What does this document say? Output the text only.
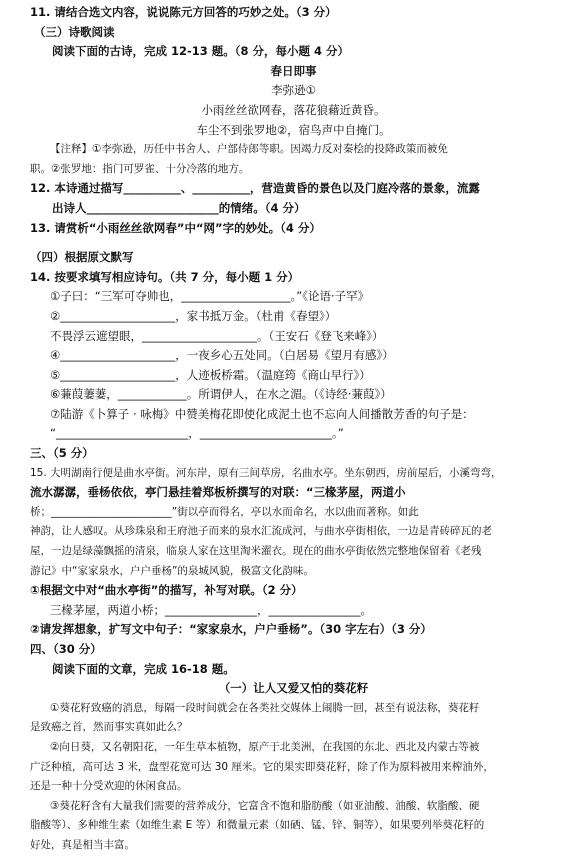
11. 请结合选文内容，说说陈元方回答的巧妙之处。（3 分）
（三）诗歌阅读
阅读下面的古诗，完成 12-13 题。（8 分，每小题 4 分）
春日即事
李弥逊①
小雨丝丝欲网春，落花狼藉近黄昏。
车尘不到张罗地②，宿鸟声中自掩门。
【注释】①李弥逊，历任中书舍人、户部侍郎等职。因竭力反对秦桧的投降政策而被免
职。②张罗地：指门可罗雀、十分冷落的地方。
12. 本诗通过描写__________、__________，营造黄昏的景色以及门庭冷落的景象，流露
出诗人_______________________的情绪。（4 分）
13. 请赏析“小雨丝丝欲网春”中“网”字的妙处。（4 分）
（四）根据原文默写
14. 按要求填写相应诗句。（共 7 分，每小题 1 分）
①子曰：“三军可夺帅也，___________________。”《论语·子罕》
②____________________，家书抵万金。（杜甫《春望》）
不畏浮云遮望眼，____________________。（王安石《登飞来峰》）
④____________________，一夜乡心五处同。（白居易《望月有感》）
⑤____________________，人迹板桥霜。（温庭筠《商山早行》）
⑥蒹葭萋萋，____________。所谓伊人，在水之湄。（《诗经·蒹葭》）
⑦陆游《卜算子 · 咏梅》中赞美梅花即使化成泥土也不忘向人间播散芳香的句子是：
“_______________________，_______________________。”
三、（5 分）
15. 大明湖南行便是曲水亭街。河东岸，原有三间草房，名曲水亭。坐东朝西，房前屋后，小溪弯弯，
流水潺潺，垂杨依依，亭门悬挂着郑板桥撰写的对联：“三椽茅屋，两道小
桥；_______________________”街以亭而得名，亭以水而命名，水以曲而著称。如此
神韵，让人感叹。从珍珠泉和王府池子而来的泉水汇流成河，与曲水亭街相依，一边是青砖碎瓦的老
屋，一边是绿藻飘摇的清泉，临泉人家在这里淘米濯衣。现在的曲水亭街依然完整地保留着《老残
游记》中“家家泉水，户户垂杨”的泉城风貌，极富文化韵味。
①根据文中对“曲水亭街”的描写，补写对联。（2 分）
三椽茅屋，两道小桥；________________，________________。
②请发挥想象，扩写文中句子：“家家泉水，户户垂杨”。（30 字左右）（3 分）
四、（30 分）
阅读下面的文章，完成 16-18 题。
（一）让人又爱又怕的葵花籽
①葵花籽致癌的消息，每隔一段时间就会在各类社交媒体上闹腾一回，甚至有说法称，葵花籽
是致癌之首，然而事实真如此么？
②向日葵，又名朝阳花，一年生草本植物，原产于北美洲，在我国的东北、西北及内蒙古等被
广泛种植，高可达 3 米，盘型花宽可达 30 厘米。它的果实即葵花籽，除了作为原料被用来榨油外，
还是一种十分受欢迎的休闲食品。
③葵花籽含有大量我们需要的营养成分，它富含不饱和脂肪酸（如亚油酸、油酸、软脂酸、硬
脂酸等）、多种维生素（如维生素 E 等）和微量元素（如硒、锰、锌、铜等），如果要列举葵花籽的
好处，真是相当丰富。
